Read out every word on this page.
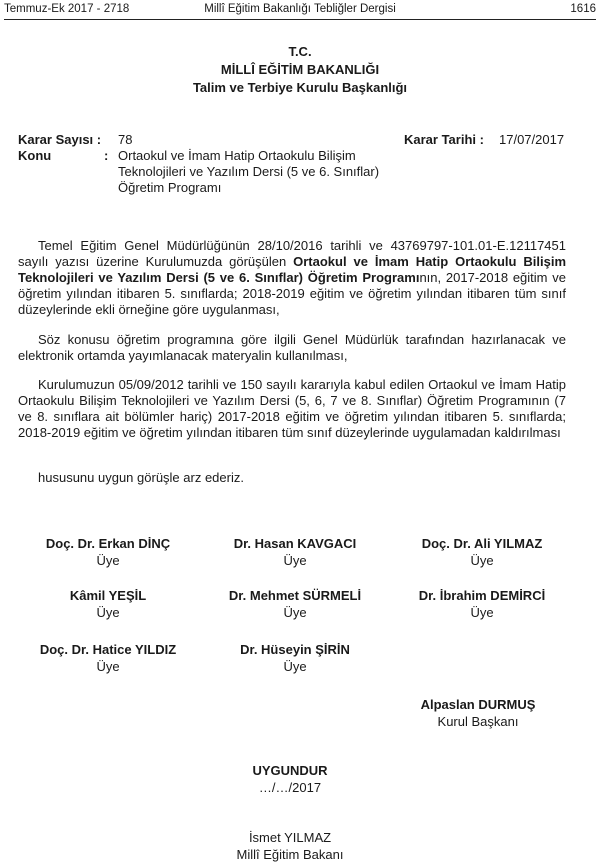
Millî Eğitim Bakanlığı Tebliğler Dergisi
Temmuz-Ek 2017 - 2718	1616
T.C.
MİLLÎ EĞİTİM BAKANLIĞI
Talim ve Terbiye Kurulu Başkanlığı
Karar Sayısı : 78	Karar Tarihi : 17/07/2017
Konu	: Ortaokul ve İmam Hatip Ortaokulu Bilişim
Teknolojileri ve Yazılım Dersi (5 ve 6. Sınıflar)
Öğretim Programı

Temel Eğitim Genel Müdürlüğünün 28/10/2016 tarihli ve 43769797-101.01-E.12117451 sayılı yazısı üzerine Kurulumuzda görüşülen Ortaokul ve İmam Hatip Ortaokulu Bilişim Teknolojileri ve Yazılım Dersi (5 ve 6. Sınıflar) Öğretim Programının, 2017-2018 eğitim ve öğretim yılından itibaren 5. sınıflarda; 2018-2019 eğitim ve öğretim yılından itibaren tüm sınıf düzeylerinde ekli örneğine göre uygulanması,

Söz konusu öğretim programına göre ilgili Genel Müdürlük tarafından hazırlanacak ve elektronik ortamda yayımlanacak materyalin kullanılması,

Kurulumuzun 05/09/2012 tarihli ve 150 sayılı kararıyla kabul edilen Ortaokul ve İmam Hatip Ortaokulu Bilişim Teknolojileri ve Yazılım Dersi (5, 6, 7 ve 8. Sınıflar) Öğretim Programının (7 ve 8. sınıflara ait bölümler hariç) 2017-2018 eğitim ve öğretim yılından itibaren 5. sınıflarda; 2018-2019 eğitim ve öğretim yılından itibaren tüm sınıf düzeylerinde uygulamadan kaldırılması

hususunu uygun görüşle arz ederiz.

Doç. Dr. Erkan DİNÇ
Üye
Dr. Hasan KAVGACI
Üye
Doç. Dr. Ali YILMAZ
Üye
Kâmil YEŞİL
Üye
Dr. Mehmet SÜRMELİ
Üye
Dr. İbrahim DEMİRCİ
Üye
Doç. Dr. Hatice YILDIZ
Üye
Dr. Hüseyin ŞİRİN
Üye
Alpaslan DURMUŞ
Kurul Başkanı
UYGUNDUR
…/…/2017
İsmet YILMAZ
Millî Eğitim Bakanı
